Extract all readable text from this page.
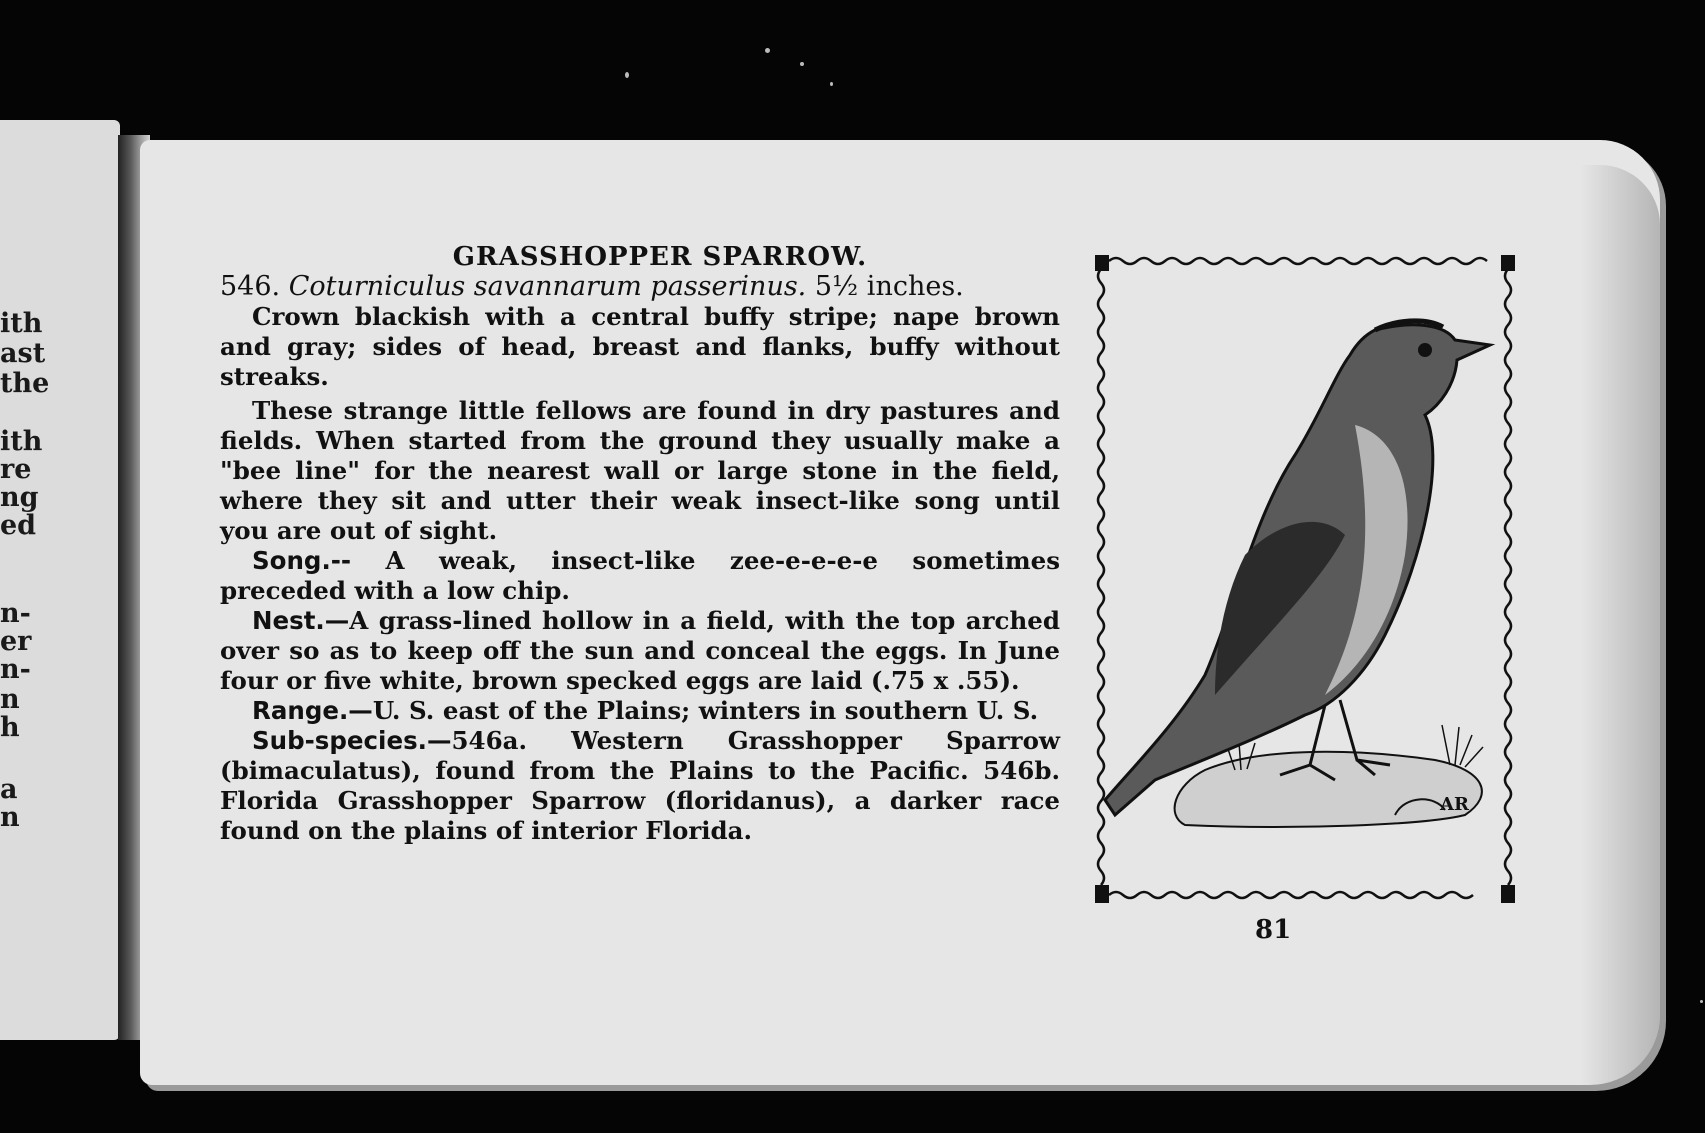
ith
ast
the
ith
re
ng
ed
n-
er
n-
n
h
a
n
GRASSHOPPER SPARROW.

546. Coturniculus savannarum passerinus. 5½ inches.

Crown blackish with a central buffy stripe; nape brown and gray; sides of head, breast and flanks, buffy without streaks.

These strange little fellows are found in dry pastures and fields. When started from the ground they usually make a "bee line" for the nearest wall or large stone in the field, where they sit and utter their weak insect-like song until you are out of sight.

Song.-- A weak, insect-like zee-e-e-e-e sometimes preceded with a low chip.

Nest.—A grass-lined hollow in a field, with the top arched over so as to keep off the sun and conceal the eggs. In June four or five white, brown specked eggs are laid (.75 x .55).

Range.—U. S. east of the Plains; winters in southern U. S.

Sub-species.—546a. Western Grasshopper Sparrow (bimaculatus), found from the Plains to the Pacific. 546b. Florida Grasshopper Sparrow (floridanus), a darker race found on the plains of interior Florida.

AR
81
